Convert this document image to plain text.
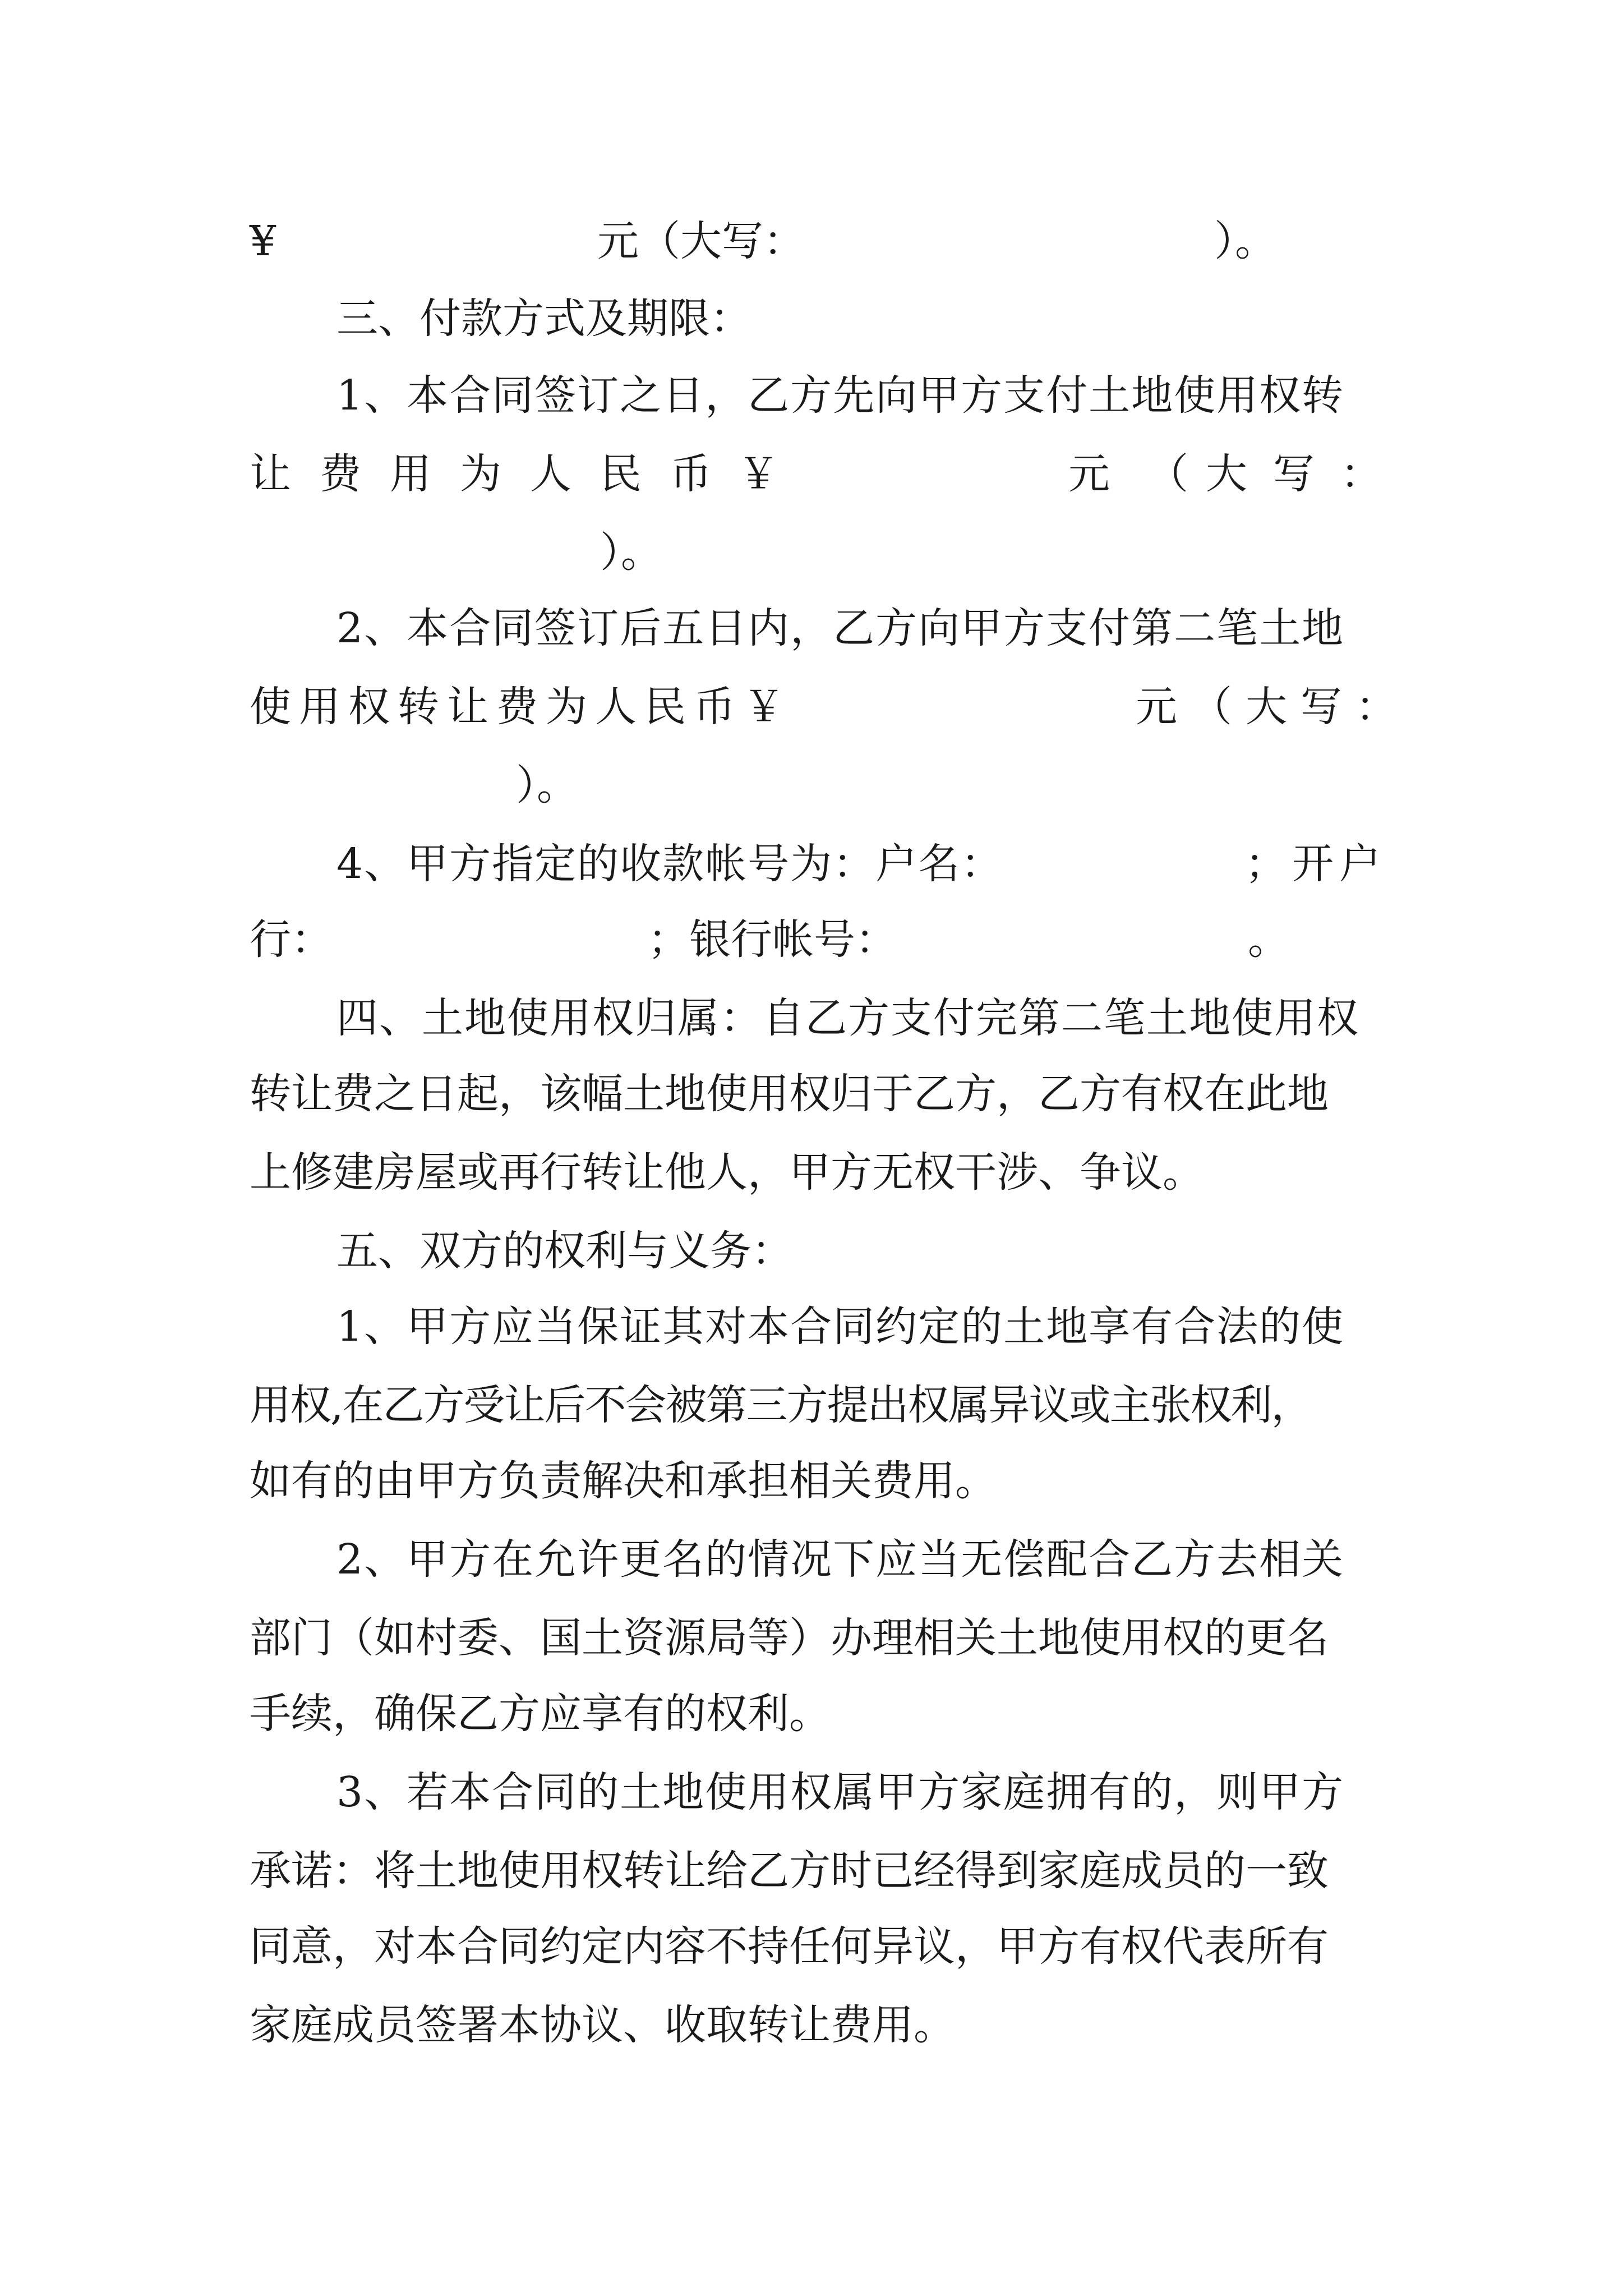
¥	元（大写：	）。

三、付款方式及期限：

1、本合同签订之日，乙方先向甲方支付土地使用权转

让 费 用 为 人 民 币 ￥	元 （ 大 写 ：

）。

2、本合同签订后五日内，乙方向甲方支付第二笔土地

使用权转让费为人民币￥	元（大写：

）。

4、甲方指定的收款帐号为：户名：	；开户
行：	；银行帐号：	。

四、土地使用权归属：自乙方支付完第二笔土地使用权

转让费之日起，该幅土地使用权归于乙方，乙方有权在此地

上修建房屋或再行转让他人，甲方无权干涉、争议。

五、双方的权利与义务：

1、甲方应当保证其对本合同约定的土地享有合法的使

用权,在乙方受让后不会被第三方提出权属异议或主张权利，

如有的由甲方负责解决和承担相关费用。

2、甲方在允许更名的情况下应当无偿配合乙方去相关

部门（如村委、国土资源局等）办理相关土地使用权的更名

手续，确保乙方应享有的权利。

3、若本合同的土地使用权属甲方家庭拥有的，则甲方

承诺：将土地使用权转让给乙方时已经得到家庭成员的一致

同意，对本合同约定内容不持任何异议，甲方有权代表所有

家庭成员签署本协议、收取转让费用。
